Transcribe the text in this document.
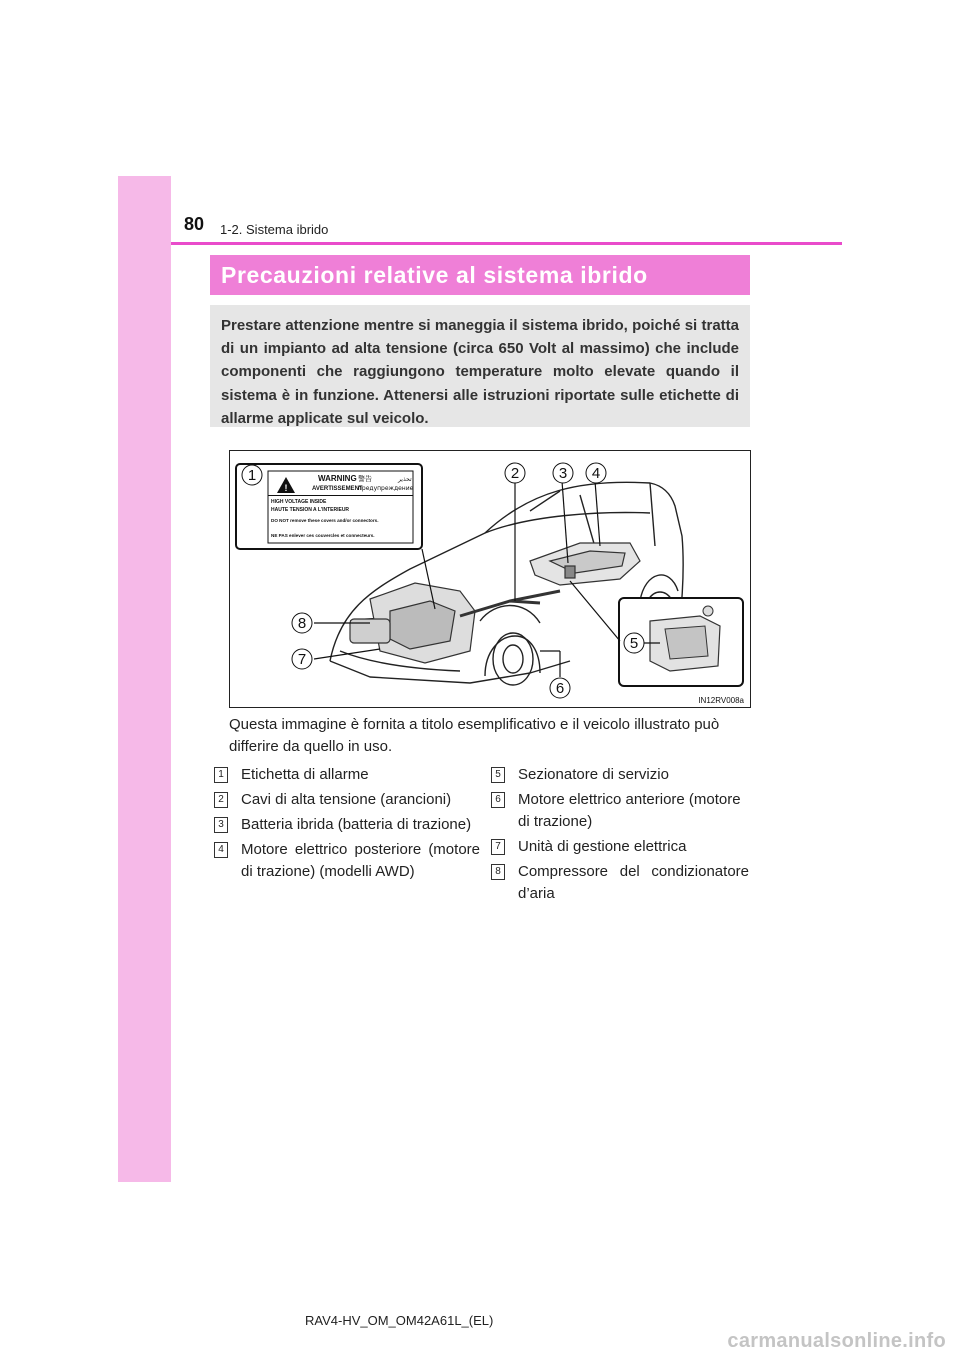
80 1-2. Sistema ibrido
Precauzioni relative al sistema ibrido
Prestare attenzione mentre si maneggia il sistema ibrido, poiché si tratta di un impianto ad alta tensione (circa 650 Volt al massimo) che include componenti che raggiungono temperature molto elevate quando il sistema è in funzione. Attenersi alle istruzioni riportate sulle etichette di allarme applicate sul veicolo.
!
WARNING
AVERTISSEMENT
警告
предупреждение
تحذير
HIGH VOLTAGE INSIDE
HAUTE TENSION A L'INTERIEUR
DO NOT remove these covers and/or connectors.
NE PAS enlever ces couvercles et connecteurs.
1	2	3 4
5
6
7
8
IN12RV008a
Questa immagine è fornita a titolo esemplificativo e il veicolo illustrato può differire da quello in uso.
1	Etichetta di allarme
2	Cavi di alta tensione (arancioni)
3	Batteria ibrida (batteria di trazione)
4	Motore elettrico posteriore (motore di trazione) (modelli AWD)
5	Sezionatore di servizio
6	Motore elettrico anteriore (motore di trazione)
7	Unità di gestione elettrica
8	Compressore del condizionatore d’aria
RAV4-HV_OM_OM42A61L_(EL)
carmanualsonline.info
